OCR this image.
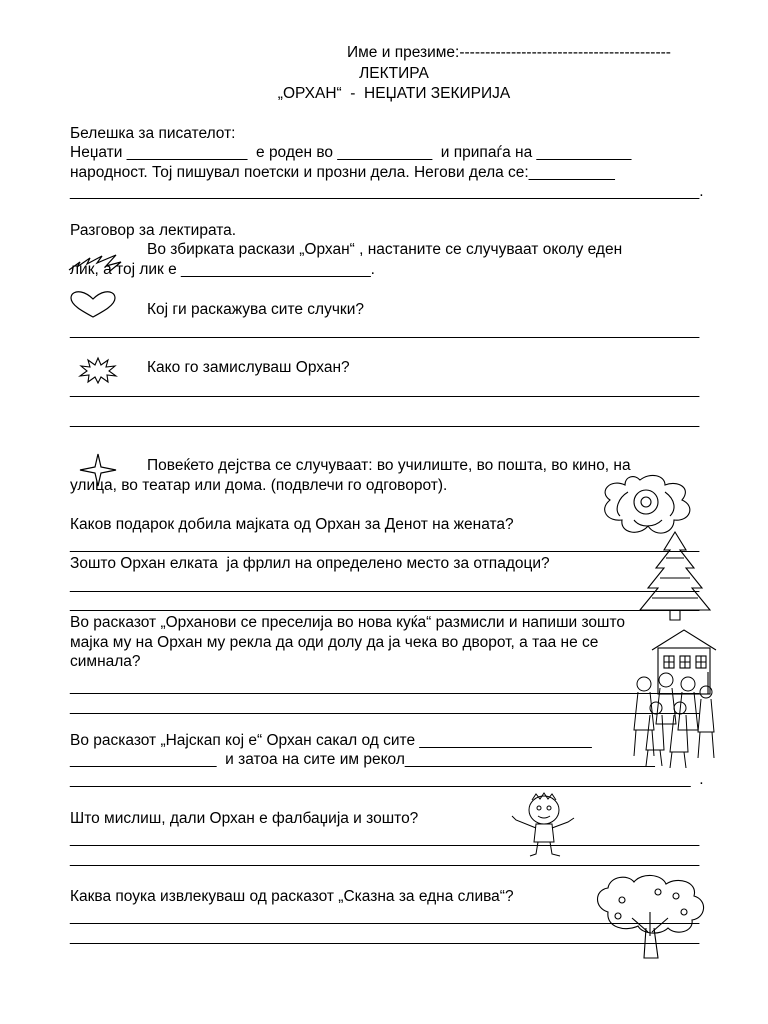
Име и презиме:-----------------------------------------
ЛЕКТИРА
„ОРХАН“  -  НЕЏАТИ ЗЕКИРИЈА
Белешка за писателот:
Неџати ______________  е роден во ___________  и припаѓа на ___________
народност. Тој пишувал поетски и прозни дела. Негови дела се:__________
_________________________________________________________________________.
Разговор за лектирата.
Во збирката раскази „Орхан“ , настаните се случуваат околу еден
лик, а тој лик е ______________________.
Кој ги раскажува сите случки?
_________________________________________________________________________
Како го замислуваш Орхан?
_________________________________________________________________________
_________________________________________________________________________
Повеќето дејства се случуваат: во училиште, во пошта, во кино, на
улица, во театар или дома. (подвлечи го одговорот).
Каков подарок добила мајката од Орхан за Денот на жената?
_________________________________________________________________________
Зошто Орхан елката  ја фрлил на определено место за отпадоци?
_________________________________________________________________________
_________________________________________________________________________
Во расказот „Орханови се преселија во нова куќа“ размисли и напиши зошто
мајка му на Орхан му рекла да оди долу да ја чека во дворот, а таа не се
симнала?
_________________________________________________________________________
_________________________________________________________________________
Во расказот „Најскап кој е“ Орхан сакал од сите ____________________
_________________  и затоа на сите им рекол_____________________________
________________________________________________________________________  .
Што мислиш, дали Орхан е фалбаџија и зошто?
_________________________________________________________________________
_________________________________________________________________________
Каква поука извлекуваш од расказот „Сказна за една слива“?
_________________________________________________________________________
_________________________________________________________________________
